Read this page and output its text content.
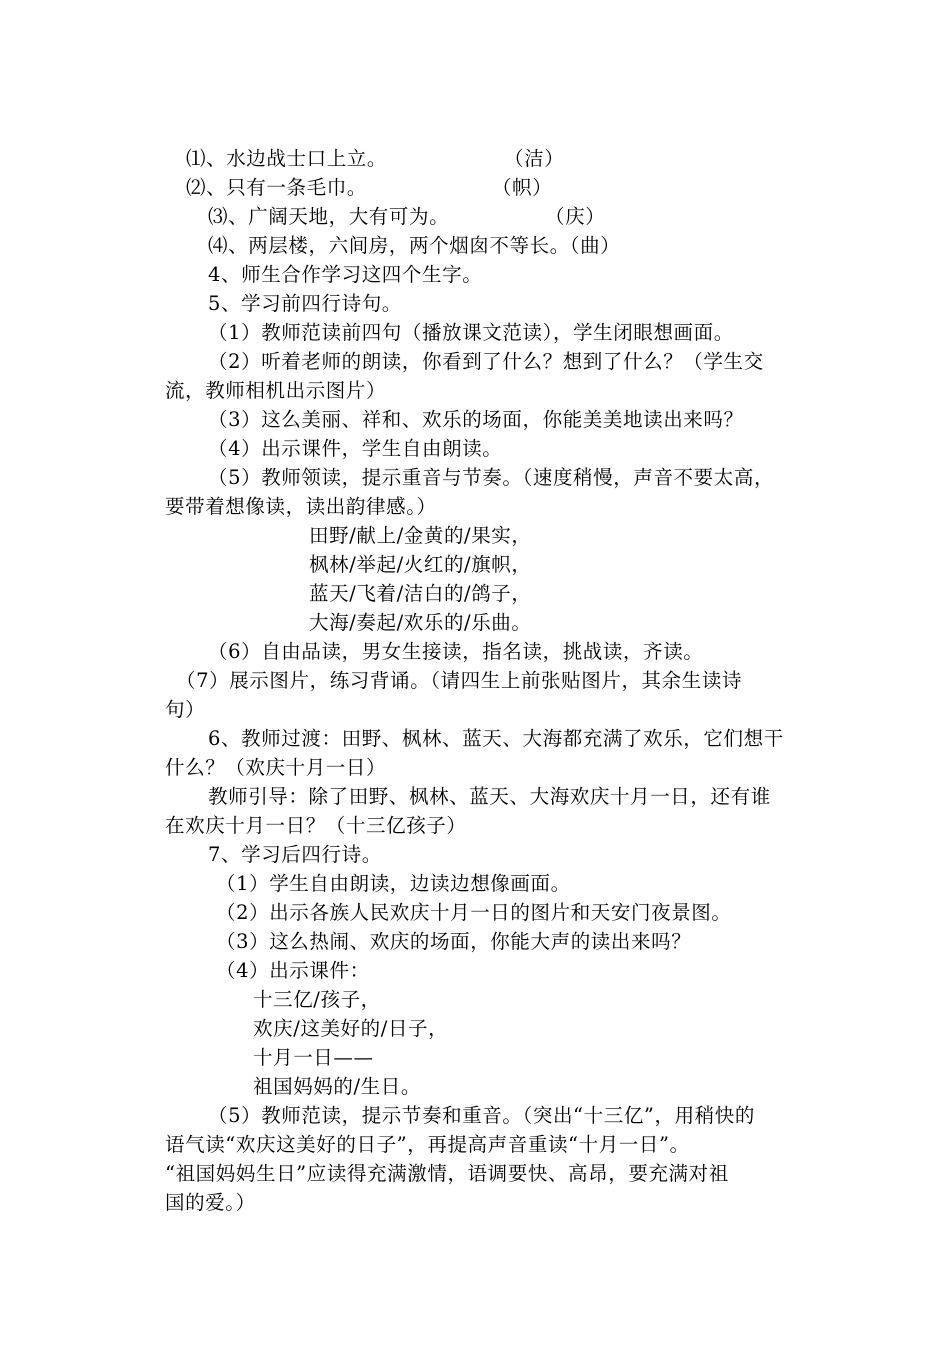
⑴、水边战士口上立。	（洁）
⑵、只有一条毛巾。	（帜）
⑶、广阔天地，大有可为。	（庆）
⑷、两层楼，六间房，两个烟囱不等长。（曲）
4、师生合作学习这四个生字。
5、学习前四行诗句。
（1）教师范读前四句（播放课文范读），学生闭眼想画面。
（2）听着老师的朗读，你看到了什么？想到了什么？（学生交
流，教师相机出示图片）
（3）这么美丽、祥和、欢乐的场面，你能美美地读出来吗？
（4）出示课件，学生自由朗读。
（5）教师领读，提示重音与节奏。（速度稍慢，声音不要太高，
要带着想像读，读出韵律感。）
田野/献上/金黄的/果实，
枫林/举起/火红的/旗帜，
蓝天/飞着/洁白的/鸽子，
大海/奏起/欢乐的/乐曲。
（6）自由品读，男女生接读，指名读，挑战读，齐读。
（7）展示图片，练习背诵。（请四生上前张贴图片，其余生读诗
句）
6、教师过渡：田野、枫林、蓝天、大海都充满了欢乐，它们想干
什么？（欢庆十月一日）
教师引导：除了田野、枫林、蓝天、大海欢庆十月一日，还有谁
在欢庆十月一日？（十三亿孩子）
7、学习后四行诗。
（1）学生自由朗读，边读边想像画面。
（2）出示各族人民欢庆十月一日的图片和天安门夜景图。
（3）这么热闹、欢庆的场面，你能大声的读出来吗？
（4）出示课件：
十三亿/孩子，
欢庆/这美好的/日子，
十月一日——
祖国妈妈的/生日。
（5）教师范读，提示节奏和重音。（突出“十三亿”，用稍快的
语气读“欢庆这美好的日子”，再提高声音重读“十月一日”。
“祖国妈妈生日”应读得充满激情，语调要快、高昂，要充满对祖
国的爱。）
